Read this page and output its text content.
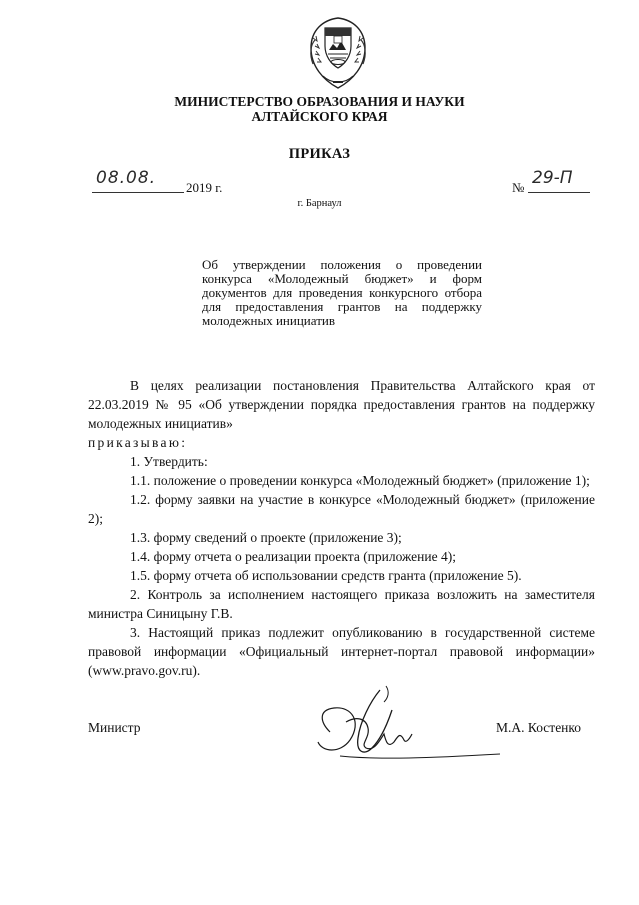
МИНИСТЕРСТВО ОБРАЗОВАНИЯ И НАУКИ
АЛТАЙСКОГО КРАЯ
ПРИКАЗ
08.08. 2019 г.	№ 29-П
г. Барнаул
Об утверждении положения о проведении конкурса «Молодежный бюджет» и форм документов для проведения конкурсного отбора для предоставления грантов на поддержку молодежных инициатив

В целях реализации постановления Правительства Алтайского края от 22.03.2019 № 95 «Об утверждении порядка предоставления грантов на поддержку молодежных инициатив»

приказываю:

1. Утвердить:

1.1. положение о проведении конкурса «Молодежный бюджет» (приложение 1);

1.2. форму заявки на участие в конкурсе «Молодежный бюджет» (приложение 2);

1.3. форму сведений о проекте (приложение 3);

1.4. форму отчета о реализации проекта (приложение 4);

1.5. форму отчета об использовании средств гранта (приложение 5).

2. Контроль за исполнением настоящего приказа возложить на заместителя министра Синицыну Г.В.

3. Настоящий приказ подлежит опубликованию в государственной системе правовой информации «Официальный интернет-портал правовой информации» (www.pravo.gov.ru).

Министр	М.А. Костенко
